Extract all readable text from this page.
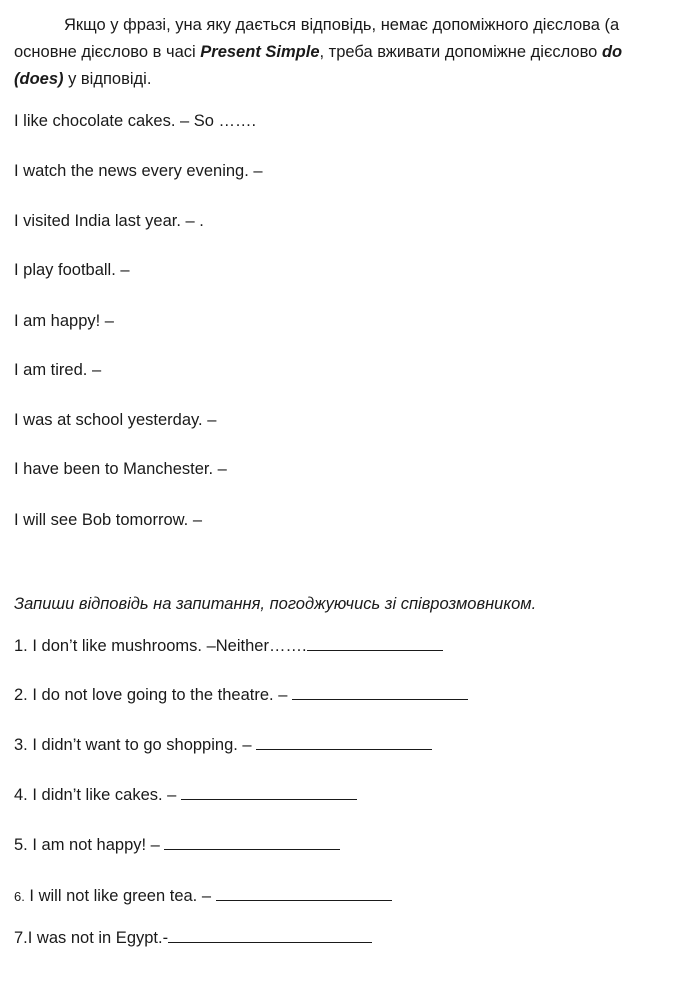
Якщо у фразі, уна яку дається відповідь, немає допоміжного дієслова (а основне дієслово в часі Present Simple, треба вживати допоміжне дієслово do (does) у відповіді.

I like chocolate cakes. – So …….

I watch the news every evening. –

I visited India last year. – .

I play football. –

I am happy! –

I am tired. –

I was at school yesterday. –

I have been to Manchester. –

I will see Bob tomorrow. –

Запиши відповідь на запитання, погоджуючись зі співрозмовником.

1. I don’t like mushrooms. –Neither…….

2. I do not love going to the theatre. –

3. I didn’t want to go shopping. –

4. I didn’t like cakes. –

5. I am not happy! –

6. I will not like green tea. –

7.I was not in Egypt.-
